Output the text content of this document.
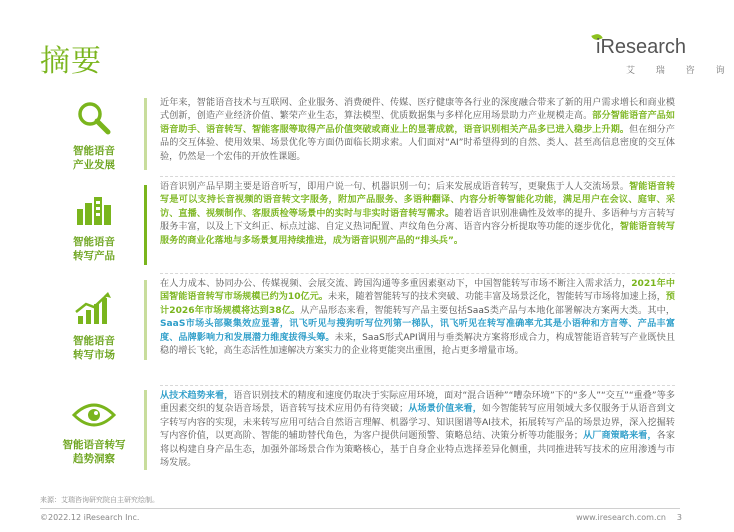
摘要	iResearch
艾 瑞 咨 询
智能语音
产业发展
智能语音
转写产品
智能语音
转写市场
智能语音转写
趋势洞察

近年来，智能语音技术与互联网、企业服务、消费硬件、传媒、医疗健康等各行业的深度融合带来了新的用户需求增长和商业模式创新，创造产业经济价值、繁荣产业生态，算法模型、优质数据集与多样化应用场景助力产业规模走高。部分智能语音产品如语音助手、语音转写、智能客服等取得产品价值突破或商业上的显著成就，语音识别相关产品多已进入稳步上升期。但在细分产品的交互体验、使用效果、场景优化等方面仍面临长期求索。人们面对“AI”时希望得到的自然、类人、甚至高信息密度的交互体验，仍然是一个宏伟的开放性课题。

语音识别产品早期主要是语音听写，即用户说一句、机器识别一句；后来发展成语音转写，更聚焦于人人交流场景。智能语音转写是可以支持长音视频的语音转文字服务，附加产品服务、多语种翻译、内容分析等智能化功能，满足用户在会议、庭审、采访、直播、视频制作、客服质检等场景中的实时与非实时语音转写需求。随着语音识别准确性及效率的提升、多语种与方言转写服务丰富，以及上下文纠正、标点过滤、自定义热词配置、声纹角色分离、语音内容分析提取等功能的逐步优化，智能语音转写服务的商业化落地与多场景复用持续推进，成为语音识别产品的“排头兵”。

在人力成本、协同办公、传媒视频、会展交流、跨国沟通等多重因素驱动下，中国智能转写市场不断注入需求活力，2021年中国智能语音转写市场规模已约为10亿元。未来，随着智能转写的技术突破、功能丰富及场景泛化，智能转写市场将加速上扬，预计2026年市场规模将达到38亿。从产品形态来看，智能转写产品主要包括SaaS类产品与本地化部署解决方案两大类。其中，SaaS市场头部聚集效应显著，讯飞听见与搜狗听写位列第一梯队，讯飞听见在转写准确率尤其是小语种和方言等、产品丰富度、品牌影响力和发展潜力维度拔得头筹。未来，SaaS形式API调用与垂类解决方案将形成合力，构成智能语音转写产业既快且稳的增长飞轮，高生态活性加速解决方案实力的企业将更能突出重围，抢占更多增量市场。

从技术趋势来看，语音识别技术的精度和速度仍取决于实际应用环境，面对“混合语种”“嘈杂环境”下的“多人”“交互”“重叠”等多重因素交织的复杂语音场景，语音转写技术应用仍有待突破；从场景价值来看，如今智能转写应用领域大多仅服务于从语音到文字转写内容的实现，未来转写应用可结合自然语言理解、机器学习、知识图谱等AI技术，拓展转写产品的场景边界，深入挖掘转写内容价值，以更高阶、智能的辅助替代角色，为客户提供问题预警、策略总结、决策分析等功能服务；从厂商策略来看，各家将以构建自身产品生态，加强外部场景合作为策略核心，基于自身企业特点选择差异化侧重，共同推进转写技术的应用渗透与市场发展。

来源：艾瑞咨询研究院自主研究绘制。
©2022.12 iResearch Inc.	www.iresearch.com.cn 3
